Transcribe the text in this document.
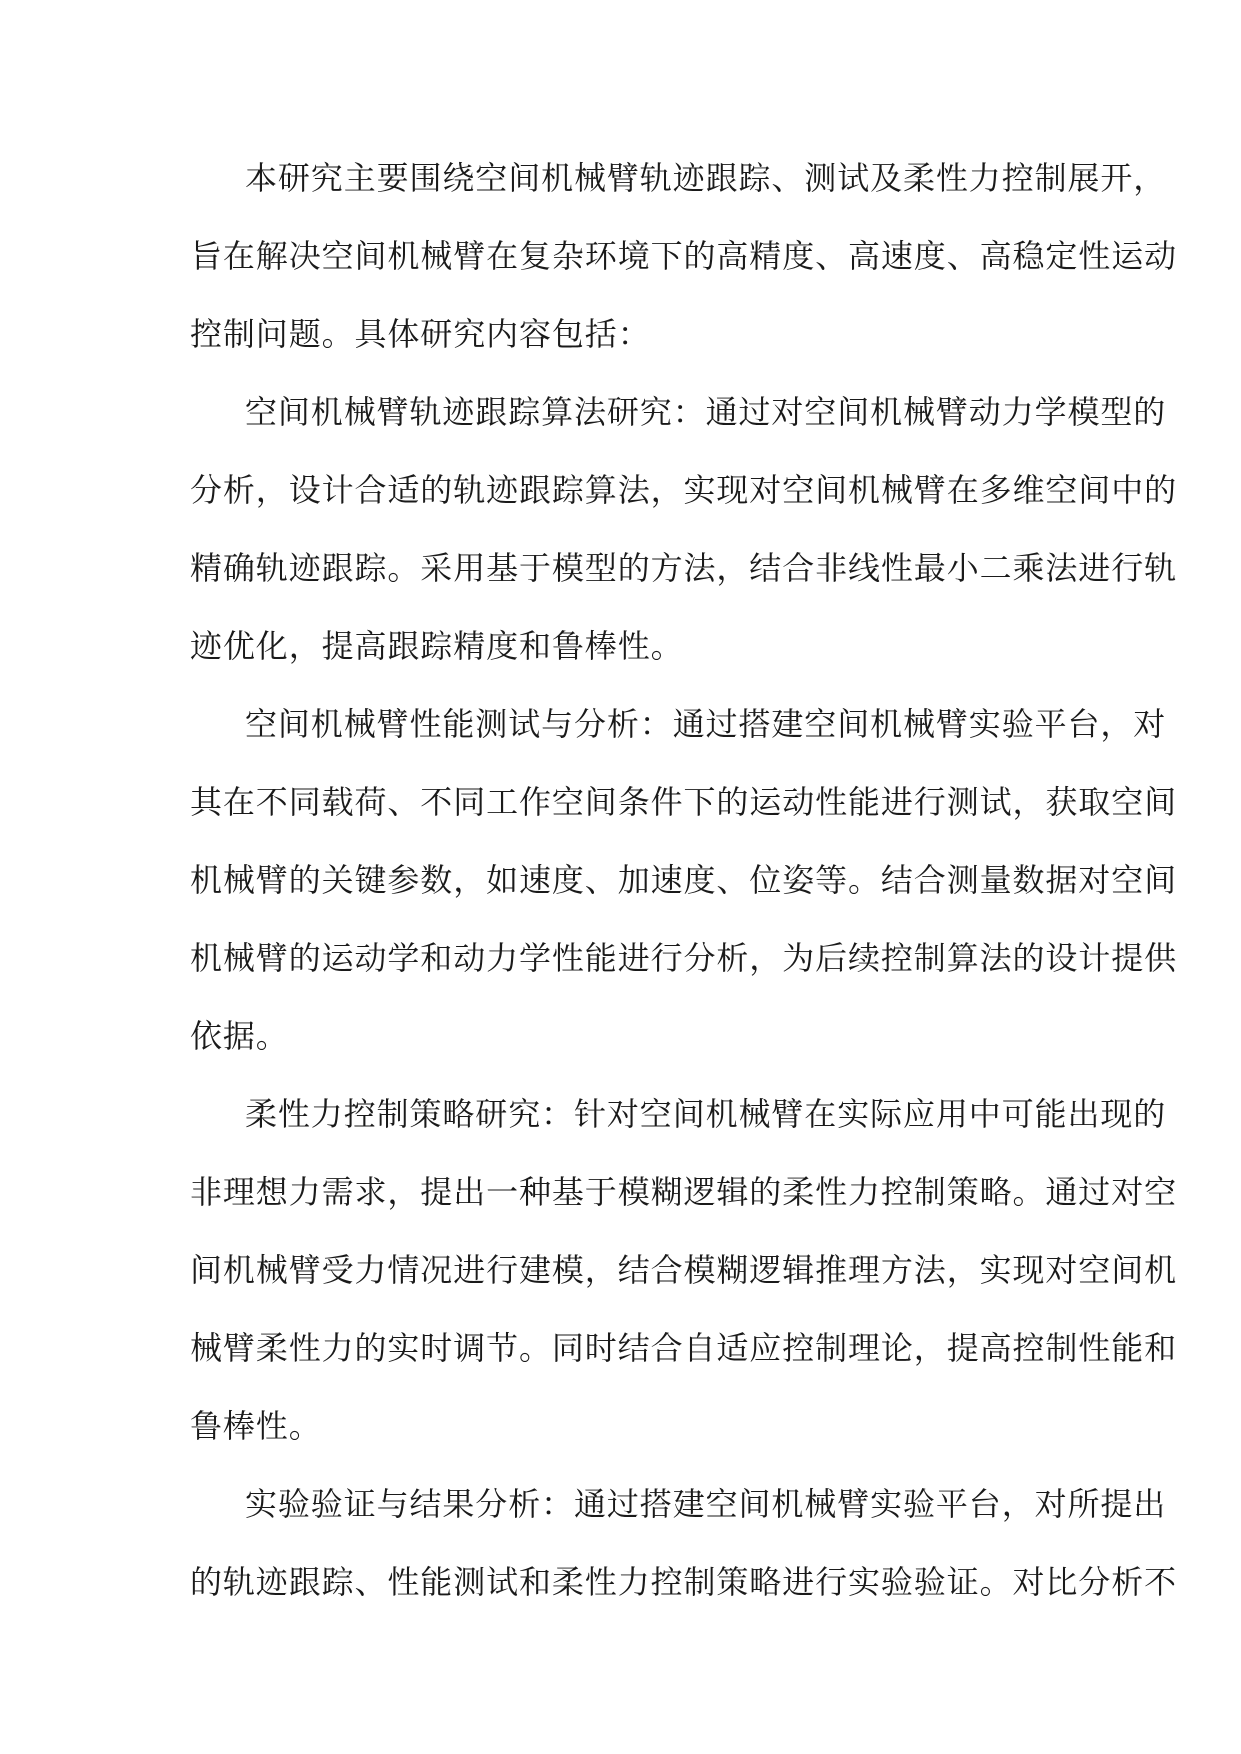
本研究主要围绕空间机械臂轨迹跟踪、测试及柔性力控制展开，
旨在解决空间机械臂在复杂环境下的高精度、高速度、高稳定性运动
控制问题。具体研究内容包括：
空间机械臂轨迹跟踪算法研究：通过对空间机械臂动力学模型的
分析，设计合适的轨迹跟踪算法，实现对空间机械臂在多维空间中的
精确轨迹跟踪。采用基于模型的方法，结合非线性最小二乘法进行轨
迹优化，提高跟踪精度和鲁棒性。
空间机械臂性能测试与分析：通过搭建空间机械臂实验平台，对
其在不同载荷、不同工作空间条件下的运动性能进行测试，获取空间
机械臂的关键参数，如速度、加速度、位姿等。结合测量数据对空间
机械臂的运动学和动力学性能进行分析，为后续控制算法的设计提供
依据。
柔性力控制策略研究：针对空间机械臂在实际应用中可能出现的
非理想力需求，提出一种基于模糊逻辑的柔性力控制策略。通过对空
间机械臂受力情况进行建模，结合模糊逻辑推理方法，实现对空间机
械臂柔性力的实时调节。同时结合自适应控制理论，提高控制性能和
鲁棒性。
实验验证与结果分析：通过搭建空间机械臂实验平台，对所提出
的轨迹跟踪、性能测试和柔性力控制策略进行实验验证。对比分析不
